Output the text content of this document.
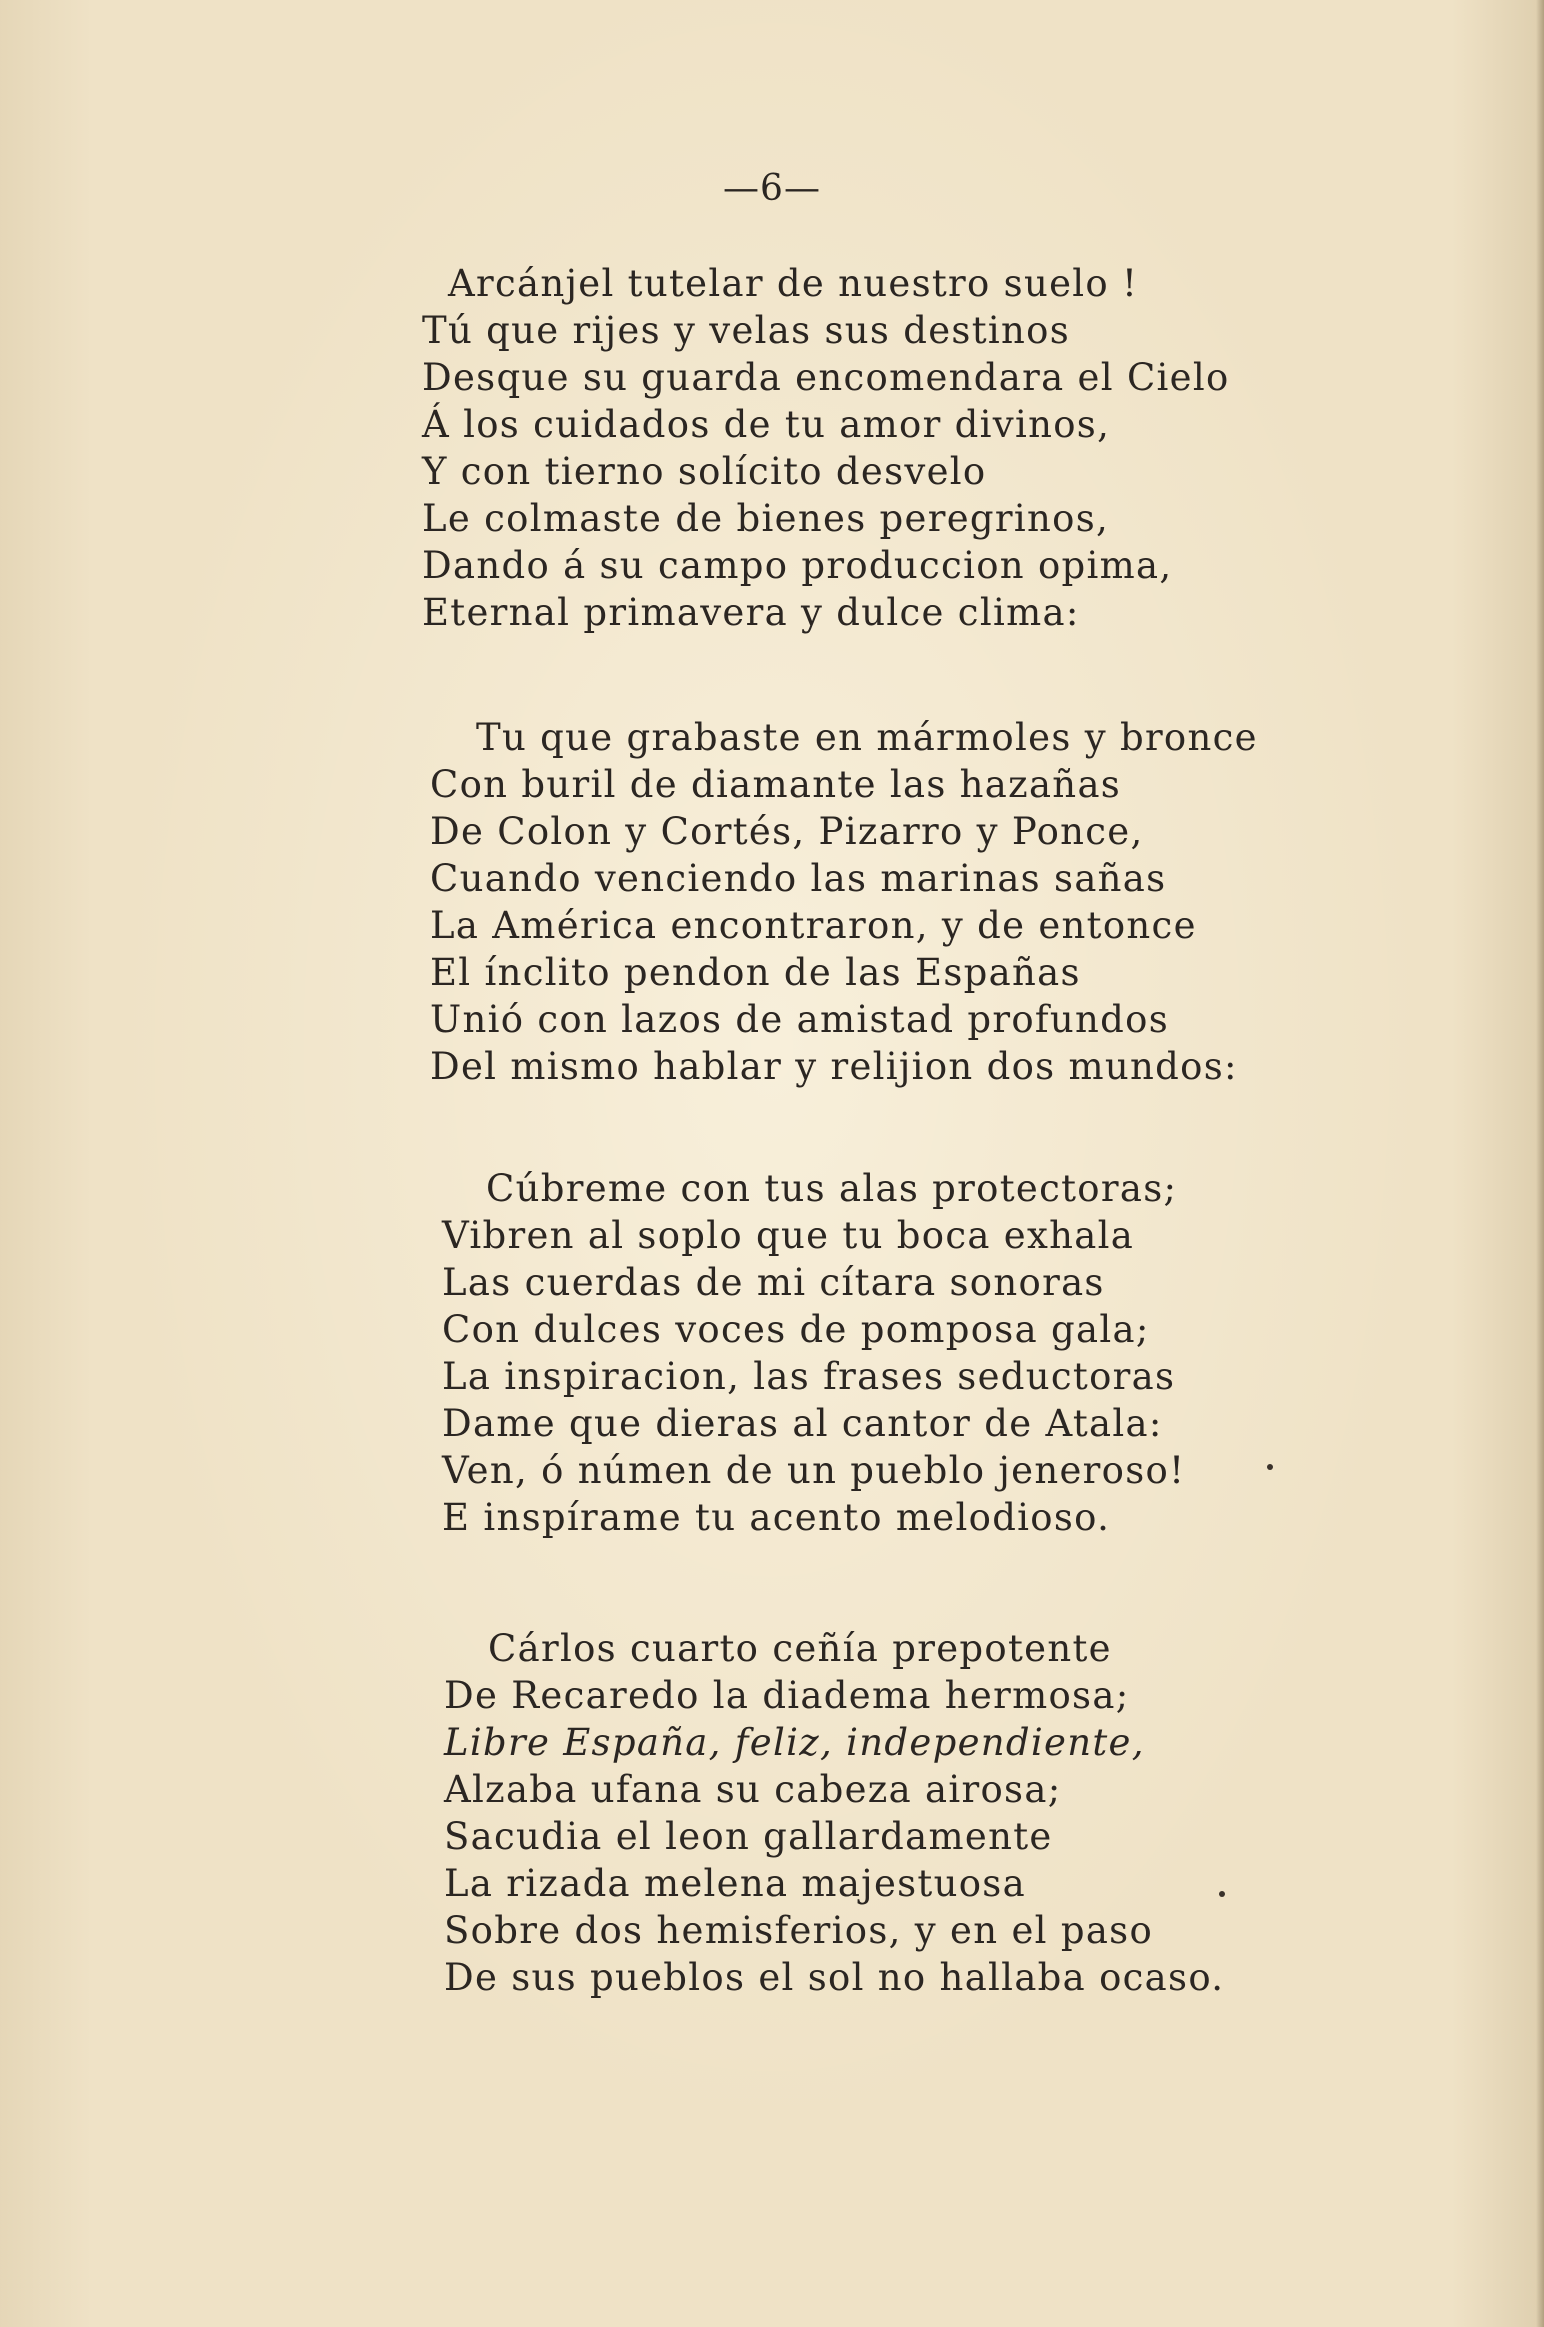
—6—
Arcánjel tutelar de nuestro suelo !
Tú que rijes y velas sus destinos
Desque su guarda encomendara el Cielo
Á los cuidados de tu amor divinos,
Y con tierno solícito desvelo
Le colmaste de bienes peregrinos,
Dando á su campo produccion opima,
Eternal primavera y dulce clima:
Tu que grabaste en mármoles y bronce
Con buril de diamante las hazañas
De Colon y Cortés, Pizarro y Ponce,
Cuando venciendo las marinas sañas
La América encontraron, y de entonce
El ínclito pendon de las Españas
Unió con lazos de amistad profundos
Del mismo hablar y relijion dos mundos:
Cúbreme con tus alas protectoras;
Vibren al soplo que tu boca exhala
Las cuerdas de mi cítara sonoras
Con dulces voces de pomposa gala;
La inspiracion, las frases seductoras
Dame que dieras al cantor de Atala:
Ven, ó númen de un pueblo jeneroso!
E inspírame tu acento melodioso.
Cárlos cuarto ceñía prepotente
De Recaredo la diadema hermosa;
Libre España, feliz, independiente,
Alzaba ufana su cabeza airosa;
Sacudia el leon gallardamente
La rizada melena majestuosa
Sobre dos hemisferios, y en el paso
De sus pueblos el sol no hallaba ocaso.
